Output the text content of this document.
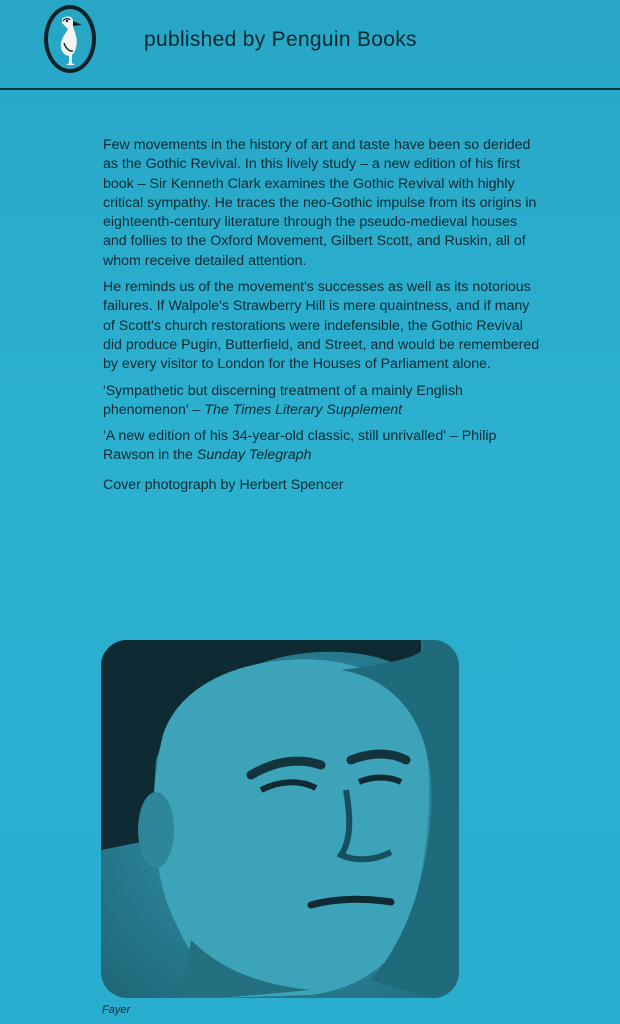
published by Penguin Books

Few movements in the history of art and taste have been so derided as the Gothic Revival. In this lively study – a new edition of his first book – Sir Kenneth Clark examines the Gothic Revival with highly critical sympathy. He traces the neo-Gothic impulse from its origins in eighteenth-century literature through the pseudo-medieval houses and follies to the Oxford Movement, Gilbert Scott, and Ruskin, all of whom receive detailed attention.

He reminds us of the movement's successes as well as its notorious failures. If Walpole's Strawberry Hill is mere quaintness, and if many of Scott's church restorations were indefensible, the Gothic Revival did produce Pugin, Butterfield, and Street, and would be remembered by every visitor to London for the Houses of Parliament alone.

'Sympathetic but discerning treatment of a mainly English phenomenon' – The Times Literary Supplement

'A new edition of his 34-year-old classic, still unrivalled' – Philip Rawson in the Sunday Telegraph

Cover photograph by Herbert Spencer

Fayer
